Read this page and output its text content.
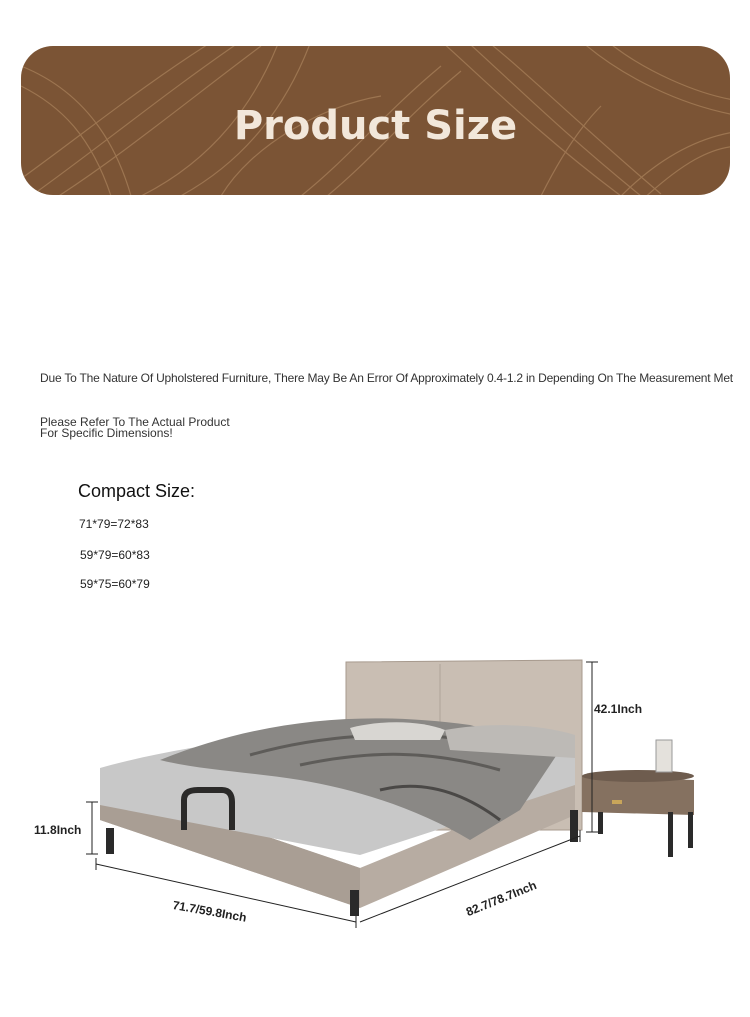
Product Size
Due To The Nature Of Upholstered Furniture, There May Be An Error Of Approximately 0.4-1.2 in Depending On The Measurement Met
Please Refer To The Actual Product
For Specific Dimensions!
Compact Size:
71*79=72*83
59*79=60*83
59*75=60*79
42.1Inch
11.8Inch
71.7/59.8Inch	82.7/78.7Inch
